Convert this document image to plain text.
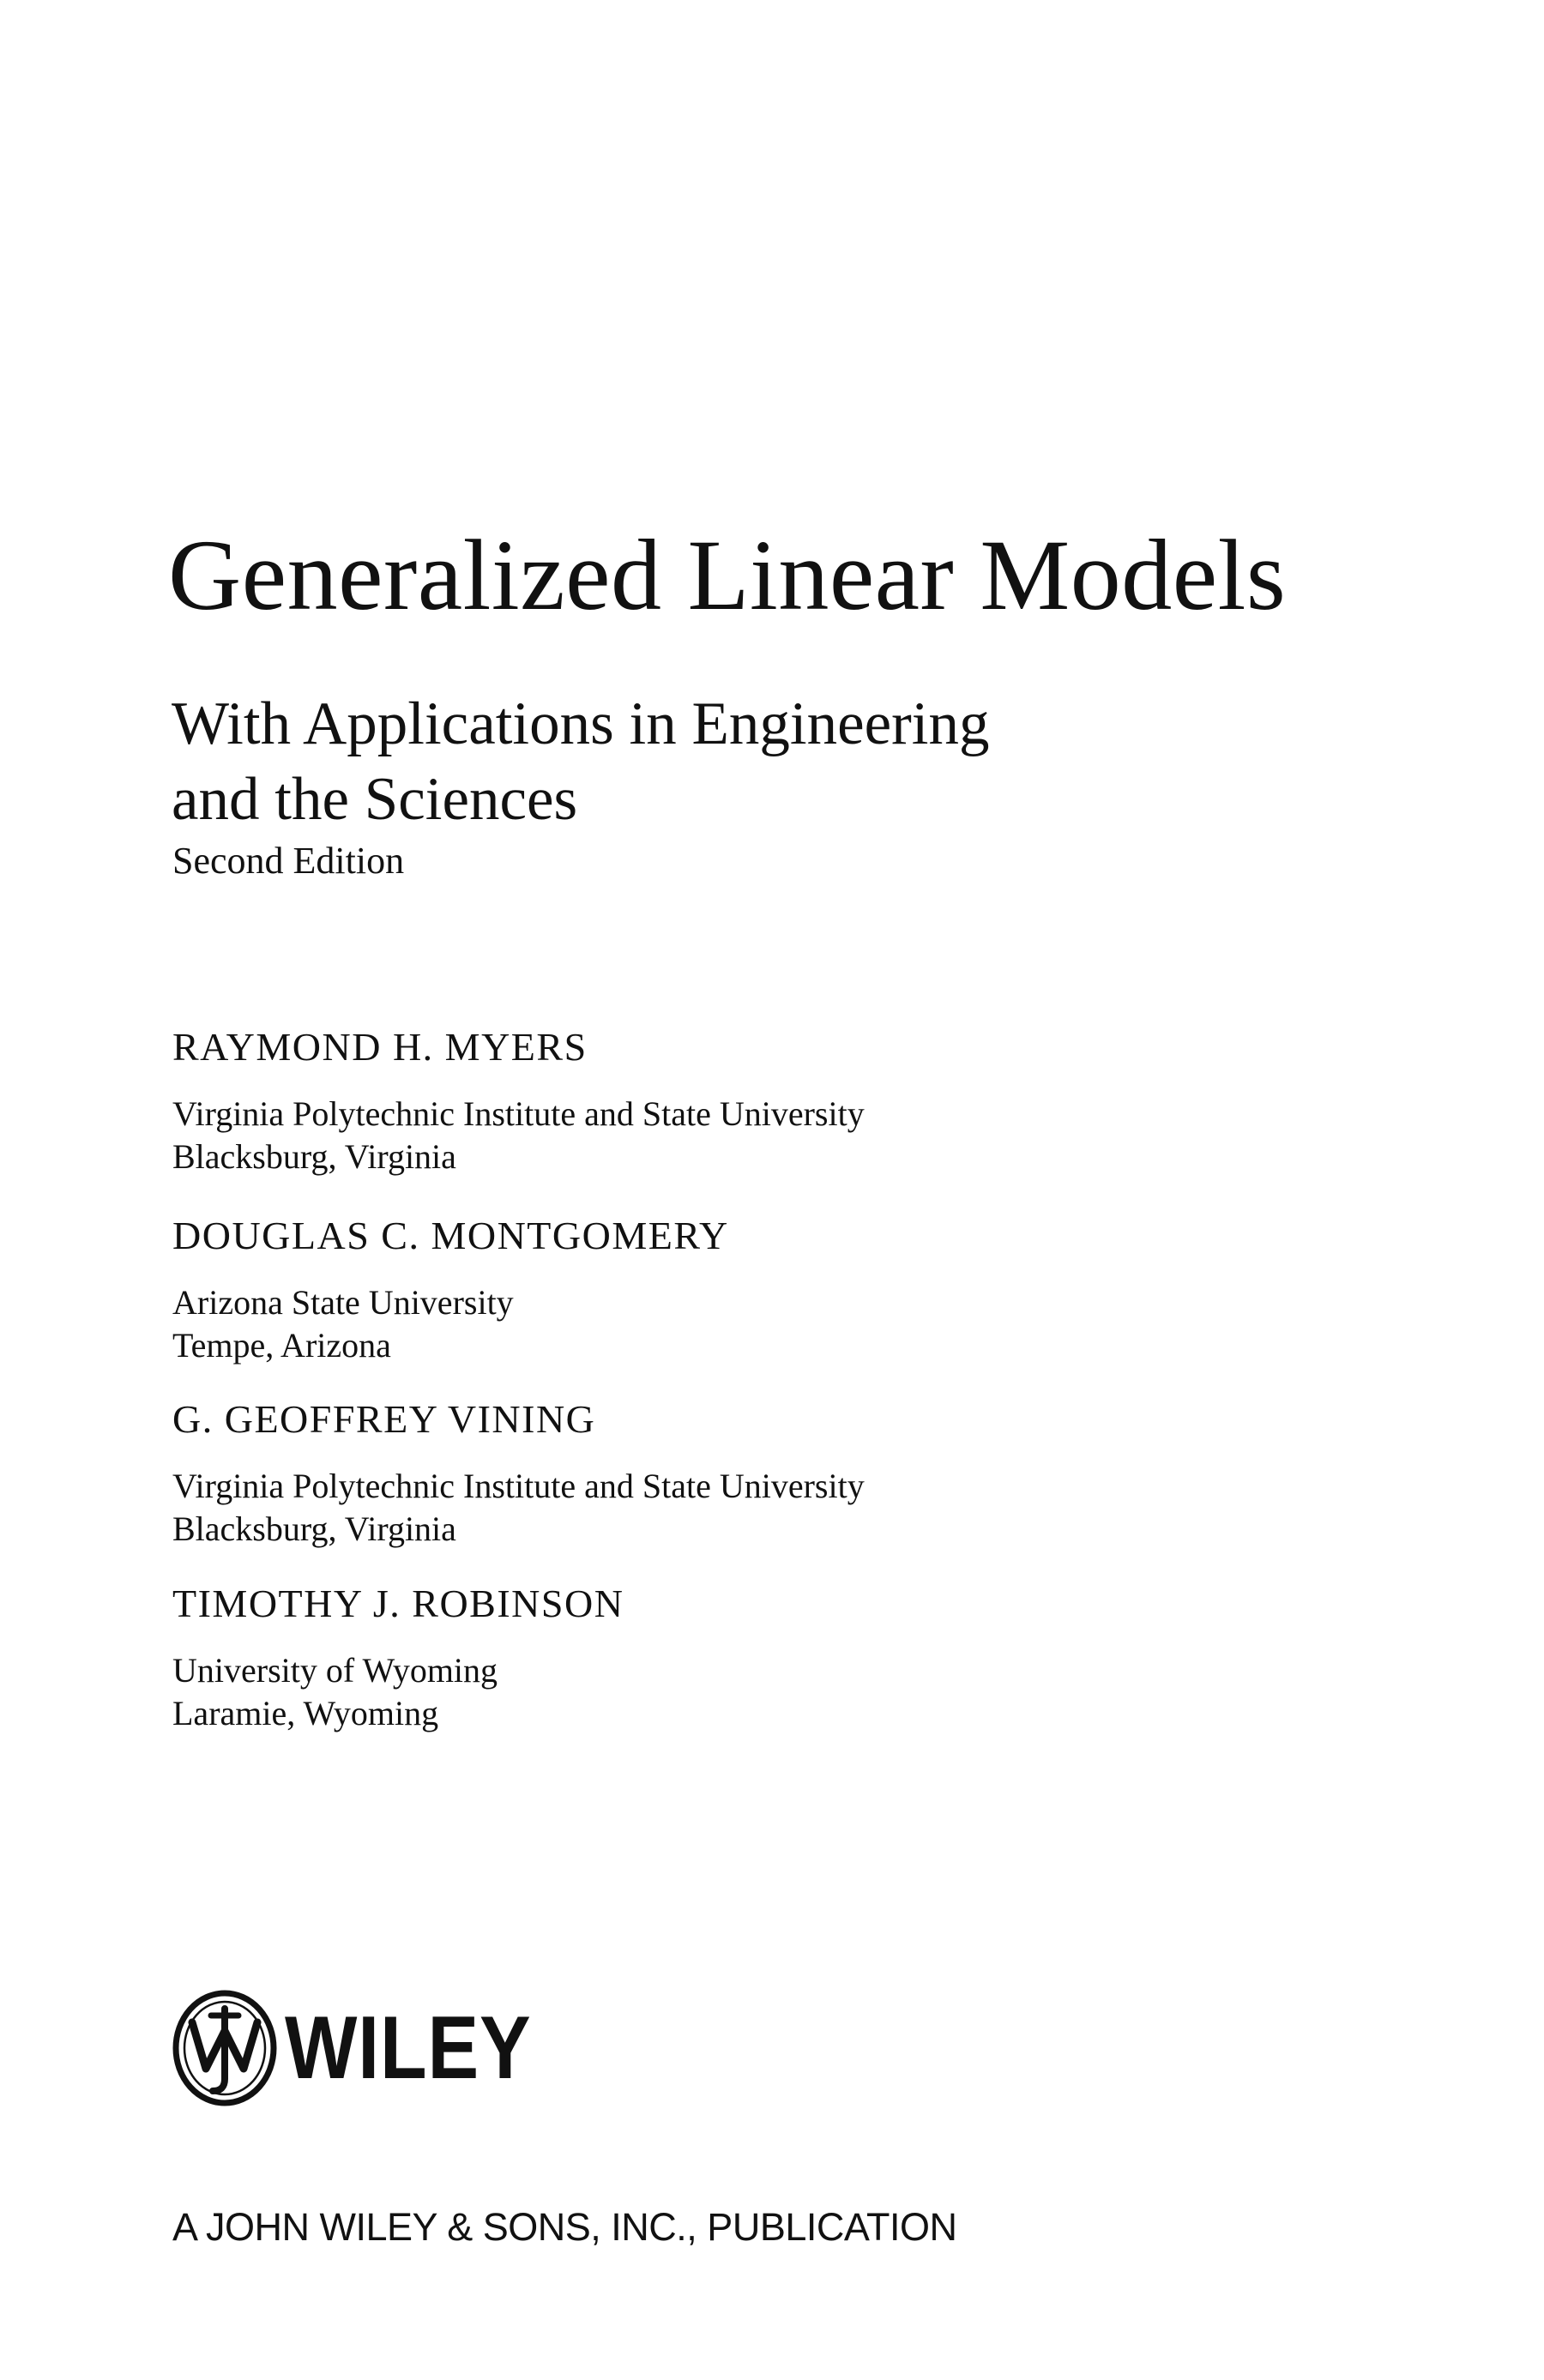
Generalized Linear Models
With Applications in Engineering
and the Sciences

Second Edition

RAYMOND H. MYERS

Virginia Polytechnic Institute and State University

Blacksburg, Virginia

DOUGLAS C. MONTGOMERY

Arizona State University

Tempe, Arizona

G. GEOFFREY VINING

Virginia Polytechnic Institute and State University

Blacksburg, Virginia

TIMOTHY J. ROBINSON

University of Wyoming

Laramie, Wyoming

WILEY

A JOHN WILEY & SONS, INC., PUBLICATION
